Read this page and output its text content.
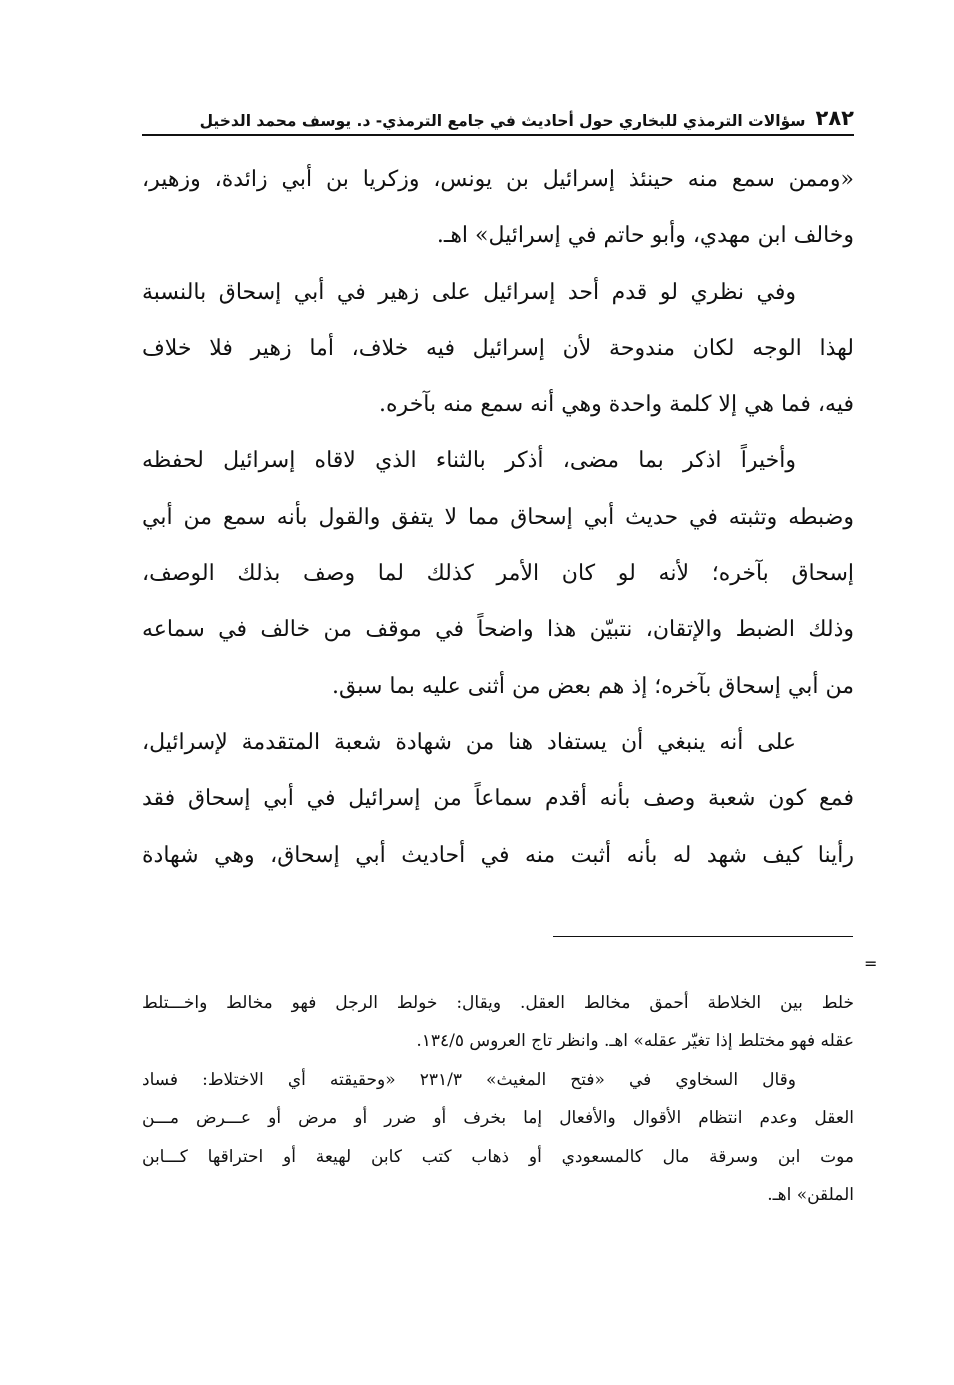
٢٨٢
سؤالات الترمذي للبخاري حول أحاديث في جامع الترمذي- د. يوسف محمد الدخيل
«وممن سمع منه حينئذ إسرائيل بن يونس، وزكريا بن أبي زائدة، وزهير،
وخالف ابن مهدي، وأبو حاتم في إسرائيل» اهـ.
وفي نظري لو قدم أحد إسرائيل على زهير في أبي إسحاق بالنسبة
لهذا الوجه لكان مندوحة لأن إسرائيل فيه خلاف، أما زهير فلا خلاف
فيه، فما هي إلا كلمة واحدة وهي أنه سمع منه بآخره.
وأخيراً اذكر بما مضى، أذكر بالثناء الذي لاقاه إسرائيل لحفظه
وضبطه وتثبته في حديث أبي إسحاق مما لا يتفق والقول بأنه سمع من أبي
إسحاق بآخره؛ لأنه لو كان الأمر كذلك لما وصف بذلك الوصف،
وذلك الضبط والإتقان، نتبيّن هذا واضحاً في موقف من خالف في سماعه
من أبي إسحاق بآخره؛ إذ هم بعض من أثنى عليه بما سبق.
على أنه ينبغي أن يستفاد هنا من شهادة شعبة المتقدمة لإسرائيل،
فمع كون شعبة وصف بأنه أقدم سماعاً من إسرائيل في أبي إسحاق فقد
رأينا كيف شهد له بأنه أثبت منه في أحاديث أبي إسحاق، وهي شهادة
=
خلط بين الخلاطة أحمق مخالط العقل. ويقال: خولط الرجل فهو مخالط واخـــتلط
عقله فهو مختلط إذا تغيّر عقله» اهـ. وانظر تاج العروس ١٣٤/٥.
وقال السخاوي في «فتح المغيث» ٢٣١/٣ «وحقيقته أي الاختلاط: فساد
العقل وعدم انتظام الأقوال والأفعال إما بخرف أو ضرر أو مرض أو عـــرض مـــن
موت ابن وسرقة مال كالمسعودي أو ذهاب كتب كابن لهيعة أو احتراقها كـــابن
الملقن» اهـ.
